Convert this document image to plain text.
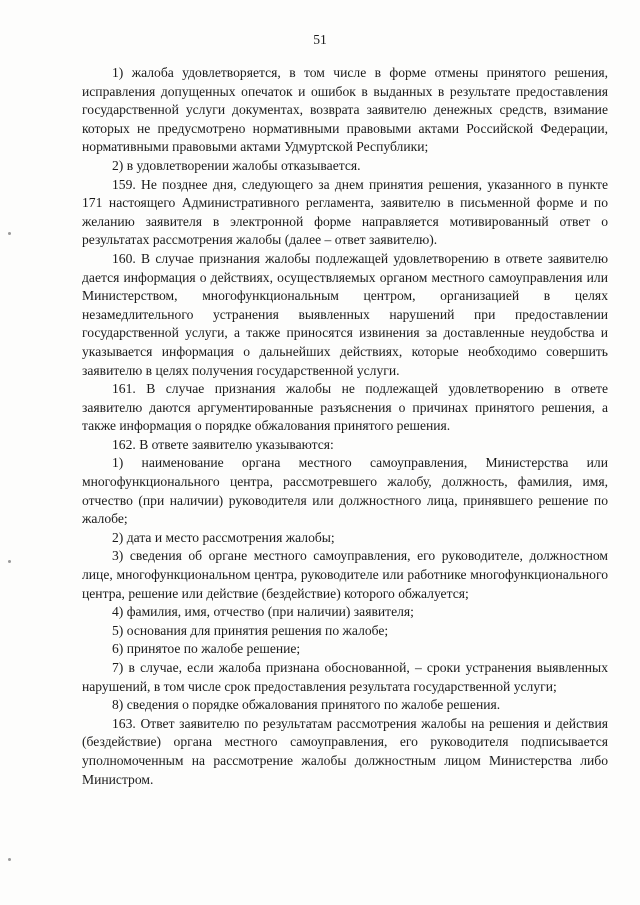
51

1) жалоба удовлетворяется, в том числе в форме отмены принятого решения, исправления допущенных опечаток и ошибок в выданных в результате предоставления государственной услуги документах, возврата заявителю денежных средств, взимание которых не предусмотрено нормативными правовыми актами Российской Федерации, нормативными правовыми актами Удмуртской Республики;

2) в удовлетворении жалобы отказывается.

159. Не позднее дня, следующего за днем принятия решения, указанного в пункте 171 настоящего Административного регламента, заявителю в письменной форме и по желанию заявителя в электронной форме направляется мотивированный ответ о результатах рассмотрения жалобы (далее – ответ заявителю).

160. В случае признания жалобы подлежащей удовлетворению в ответе заявителю дается информация о действиях, осуществляемых органом местного самоуправления или Министерством, многофункциональным центром, организацией в целях незамедлительного устранения выявленных нарушений при предоставлении государственной услуги, а также приносятся извинения за доставленные неудобства и указывается информация о дальнейших действиях, которые необходимо совершить заявителю в целях получения государственной услуги.

161. В случае признания жалобы не подлежащей удовлетворению в ответе заявителю даются аргументированные разъяснения о причинах принятого решения, а также информация о порядке обжалования принятого решения.

162. В ответе заявителю указываются:

1) наименование органа местного самоуправления, Министерства или многофункционального центра, рассмотревшего жалобу, должность, фамилия, имя, отчество (при наличии) руководителя или должностного лица, принявшего решение по жалобе;

2) дата и место рассмотрения жалобы;

3) сведения об органе местного самоуправления, его руководителе, должностном лице, многофункциональном центра, руководителе или работнике многофункционального центра, решение или действие (бездействие) которого обжалуется;

4) фамилия, имя, отчество (при наличии) заявителя;

5) основания для принятия решения по жалобе;

6) принятое по жалобе решение;

7) в случае, если жалоба признана обоснованной, – сроки устранения выявленных нарушений, в том числе срок предоставления результата государственной услуги;

8) сведения о порядке обжалования принятого по жалобе решения.

163. Ответ заявителю по результатам рассмотрения жалобы на решения и действия (бездействие) органа местного самоуправления, его руководителя подписывается уполномоченным на рассмотрение жалобы должностным лицом Министерства либо Министром.
